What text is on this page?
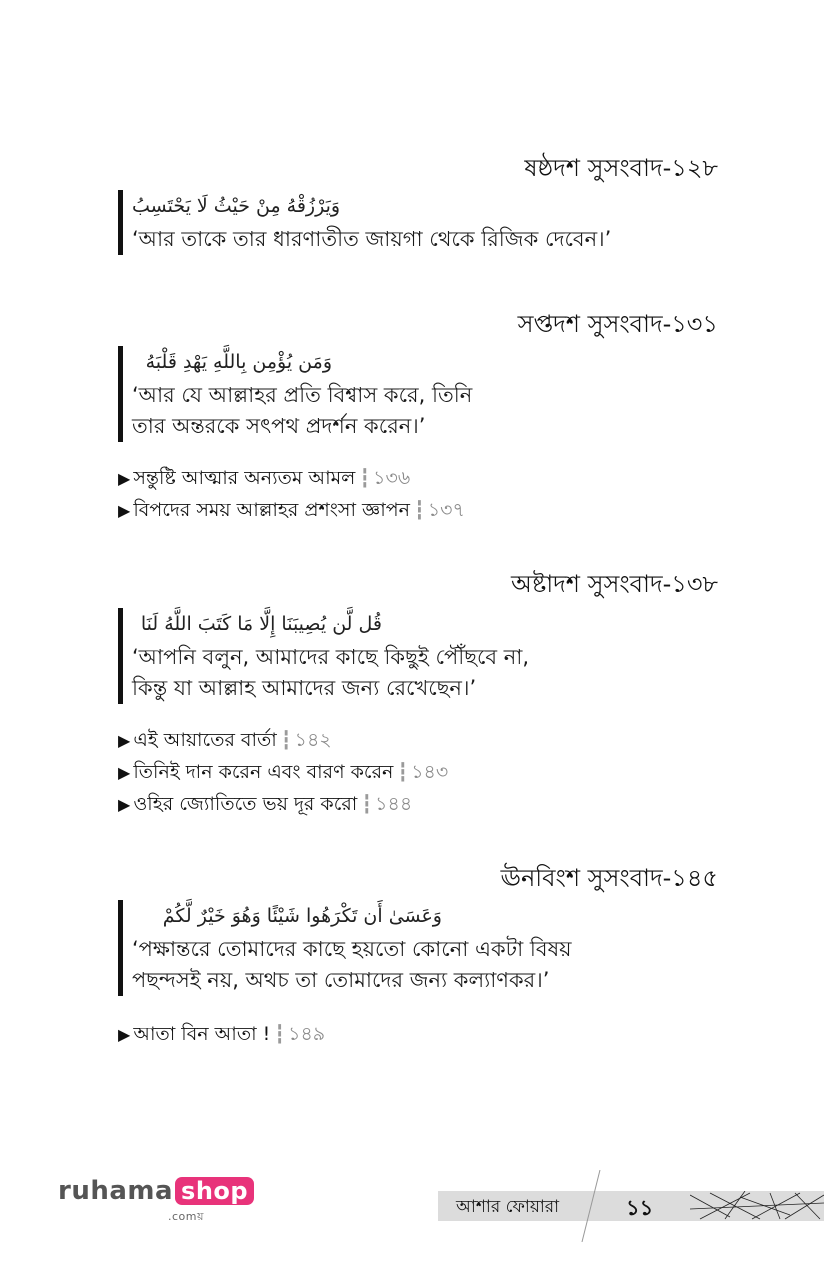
ষষ্ঠদশ সুসংবাদ-১২৮
وَيَرْزُقْهُ مِنْ حَيْثُ لَا يَحْتَسِبُ
‘আর তাকে তার ধারণাতীত জায়গা থেকে রিজিক দেবেন।’
সপ্তদশ সুসংবাদ-১৩১
وَمَن يُؤْمِن بِاللَّهِ يَهْدِ قَلْبَهُ
‘আর যে আল্লাহর প্রতি বিশ্বাস করে, তিনি
তার অন্তরকে সৎপথ প্রদর্শন করেন।’
▶ সন্তুষ্টি আত্মার অন্যতম আমল ┇ ১৩৬
▶ বিপদের সময় আল্লাহর প্রশংসা জ্ঞাপন ┇ ১৩৭
অষ্টাদশ সুসংবাদ-১৩৮
قُل لَّن يُصِيبَنَا إِلَّا مَا كَتَبَ اللَّهُ لَنَا
‘আপনি বলুন, আমাদের কাছে কিছুই পৌঁছবে না,
কিন্তু যা আল্লাহ আমাদের জন্য রেখেছেন।’
▶ এই আয়াতের বার্তা ┇ ১৪২
▶ তিনিই দান করেন এবং বারণ করেন ┇ ১৪৩
▶ ওহির জ্যোতিতে ভয় দূর করো ┇ ১৪৪
ঊনবিংশ সুসংবাদ-১৪৫
وَعَسَىٰ أَن تَكْرَهُوا شَيْئًا وَهُوَ خَيْرٌ لَّكُمْ
‘পক্ষান্তরে তোমাদের কাছে হয়তো কোনো একটা বিষয়
পছন্দসই নয়, অথচ তা তোমাদের জন্য কল্যাণকর।’
▶ আতা বিন আতা ! ┇ ১৪৯
ruhama shop
.comয়	আশার ফোয়ারা	১১
